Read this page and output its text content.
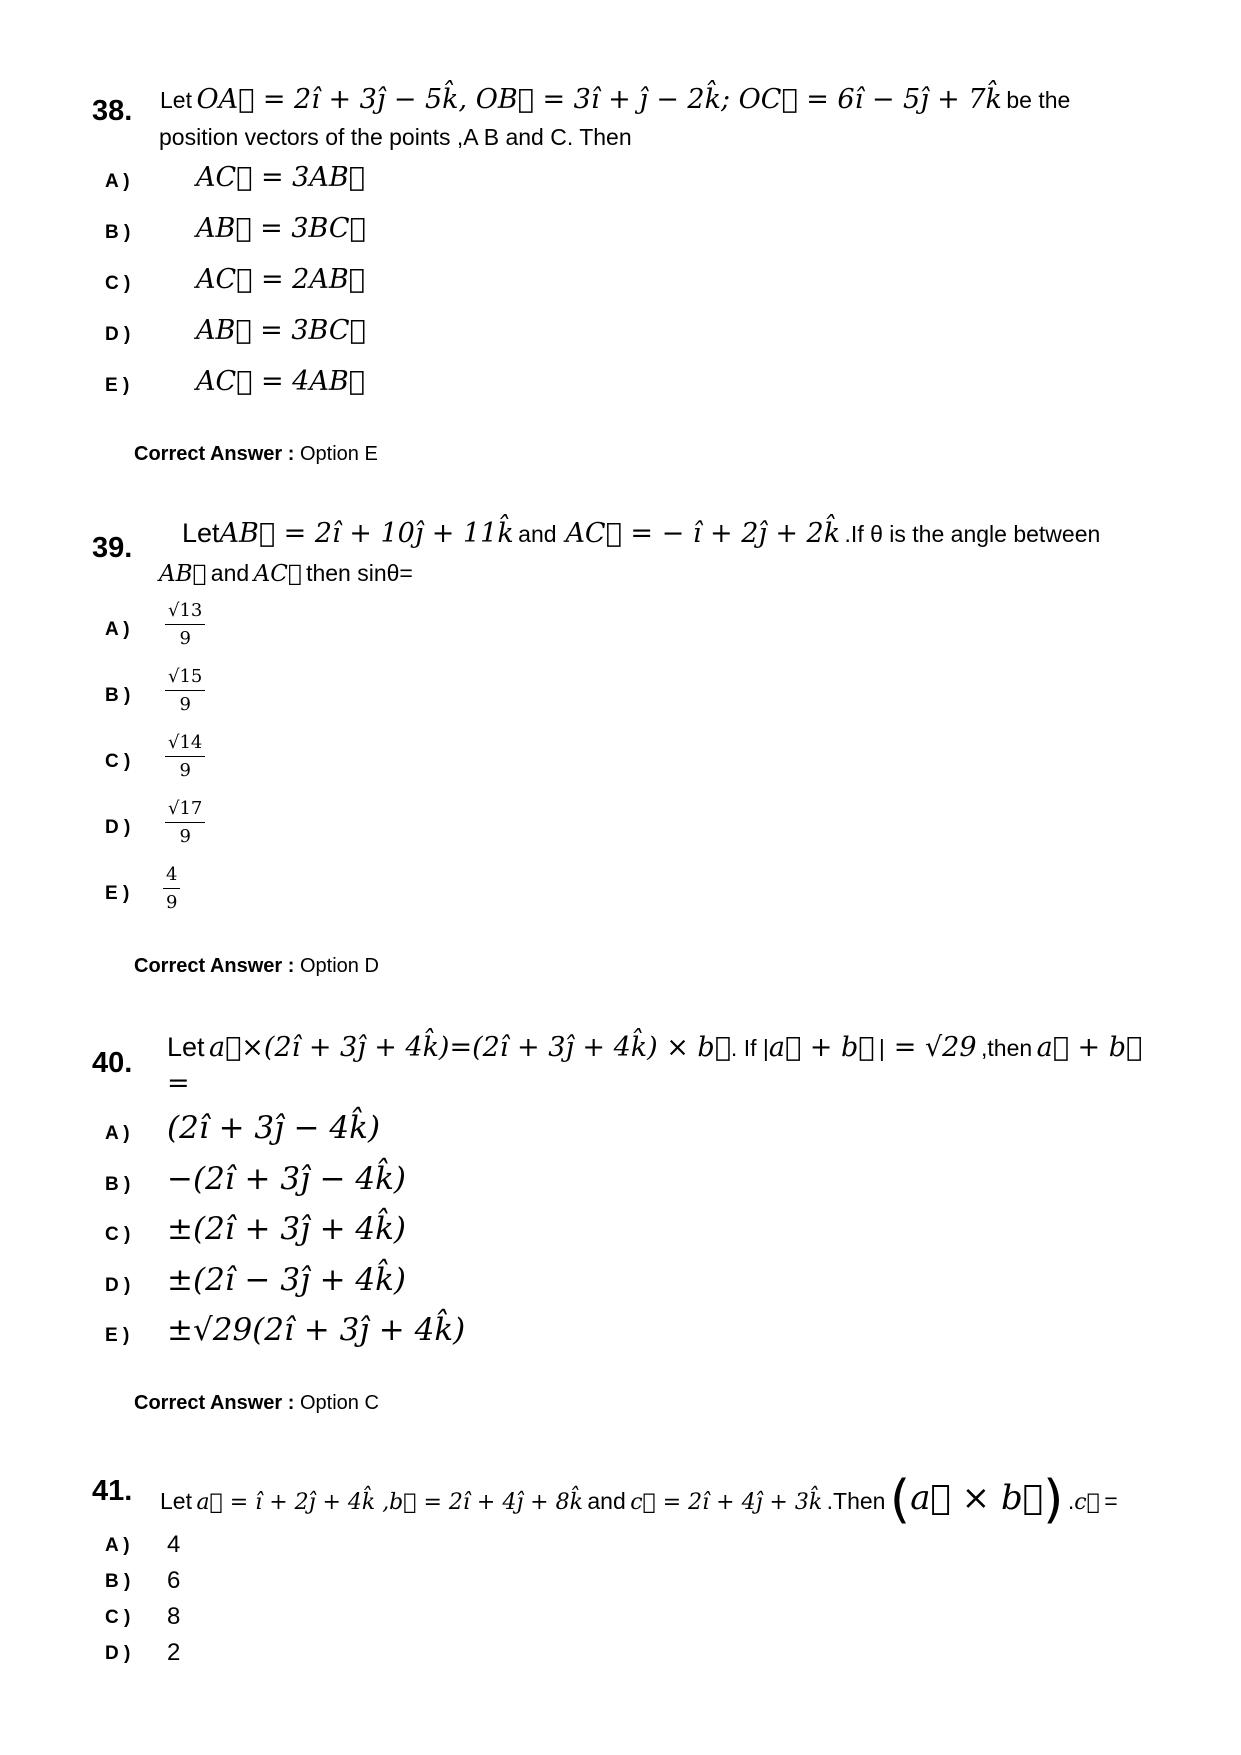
38. Let OA⃗ = 2î + 3ĵ − 5k̂, OB⃗ = 3î + ĵ − 2k̂; OC⃗ = 6î − 5ĵ + 7k̂ be the
position vectors of the points ,A B and C. Then
A ) AC⃗ = 3AB⃗
B ) AB⃗ = 3BC⃗
C ) AC⃗ = 2AB⃗
D ) AB⃗ = 3BC⃗
E ) AC⃗ = 4AB⃗
Correct Answer : Option E
39. LetAB⃗ = 2î + 10ĵ + 11k̂ and AC⃗ = − î + 2ĵ + 2k̂ .If θ is the angle between
AB⃗ and AC⃗ then sinθ=
A ) $\frac{√13}{9}$
B ) $\frac{√15}{9}$
C ) $\frac{√14}{9}$
D ) $\frac{√17}{9}$
E ) $\frac{4}{9}$
Correct Answer : Option D
40. Let a⃗×(2î + 3ĵ + 4k̂)=(2î + 3ĵ + 4k̂) × b⃗. If |a⃗ + b⃗ | = √29 ,then a⃗ + b⃗
=
A ) (2î + 3ĵ − 4k̂)
B ) −(2î + 3ĵ − 4k̂)
C ) ±(2î + 3ĵ + 4k̂)
D ) ±(2î − 3ĵ + 4k̂)
E ) ±√29(2î + 3ĵ + 4k̂)
Correct Answer : Option C
41. Let a⃗ = î + 2ĵ + 4k̂ ,b⃗ = 2î + 4ĵ + 8k̂ and c⃗ = 2î + 4ĵ + 3k̂ .Then (a⃗ × b⃗) .c⃗ =
A ) 4
B ) 6
C ) 8
D ) 2
